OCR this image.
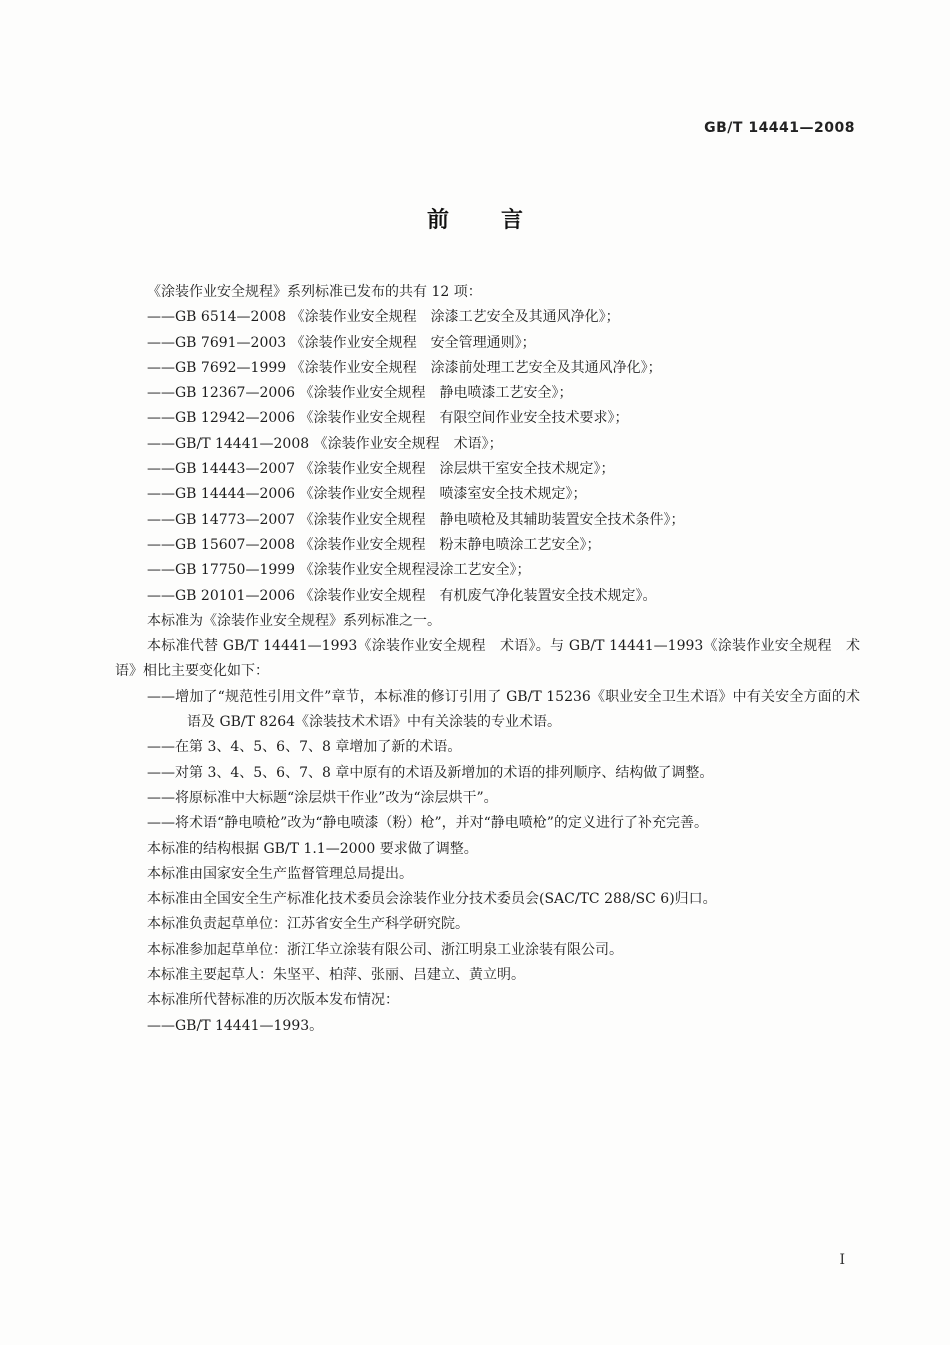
GB/T 14441—2008
前言

《涂装作业安全规程》系列标准已发布的共有 12 项：

——GB 6514—2008 《涂装作业安全规程　涂漆工艺安全及其通风净化》；

——GB 7691—2003 《涂装作业安全规程　安全管理通则》；

——GB 7692—1999 《涂装作业安全规程　涂漆前处理工艺安全及其通风净化》；

——GB 12367—2006 《涂装作业安全规程　静电喷漆工艺安全》；

——GB 12942—2006 《涂装作业安全规程　有限空间作业安全技术要求》；

——GB/T 14441—2008 《涂装作业安全规程　术语》；

——GB 14443—2007 《涂装作业安全规程　涂层烘干室安全技术规定》；

——GB 14444—2006 《涂装作业安全规程　喷漆室安全技术规定》；

——GB 14773—2007 《涂装作业安全规程　静电喷枪及其辅助装置安全技术条件》；

——GB 15607—2008 《涂装作业安全规程　粉末静电喷涂工艺安全》；

——GB 17750—1999 《涂装作业安全规程浸涂工艺安全》；

——GB 20101—2006 《涂装作业安全规程　有机废气净化装置安全技术规定》。

本标准为《涂装作业安全规程》系列标准之一。

本标准代替 GB/T 14441—1993《涂装作业安全规程　术语》。与 GB/T 14441—1993《涂装作业安全规程　术语》相比主要变化如下：

——增加了“规范性引用文件”章节，本标准的修订引用了 GB/T 15236《职业安全卫生术语》中有关安全方面的术语及 GB/T 8264《涂装技术术语》中有关涂装的专业术语。

——在第 3、4、5、6、7、8 章增加了新的术语。

——对第 3、4、5、6、7、8 章中原有的术语及新增加的术语的排列顺序、结构做了调整。

——将原标准中大标题“涂层烘干作业”改为“涂层烘干”。

——将术语“静电喷枪”改为“静电喷漆（粉）枪”，并对“静电喷枪”的定义进行了补充完善。

本标准的结构根据 GB/T 1.1—2000 要求做了调整。

本标准由国家安全生产监督管理总局提出。

本标准由全国安全生产标准化技术委员会涂装作业分技术委员会(SAC/TC 288/SC 6)归口。

本标准负责起草单位：江苏省安全生产科学研究院。

本标准参加起草单位：浙江华立涂装有限公司、浙江明泉工业涂装有限公司。

本标准主要起草人：朱坚平、柏萍、张丽、吕建立、黄立明。

本标准所代替标准的历次版本发布情况：

——GB/T 14441—1993。

I
